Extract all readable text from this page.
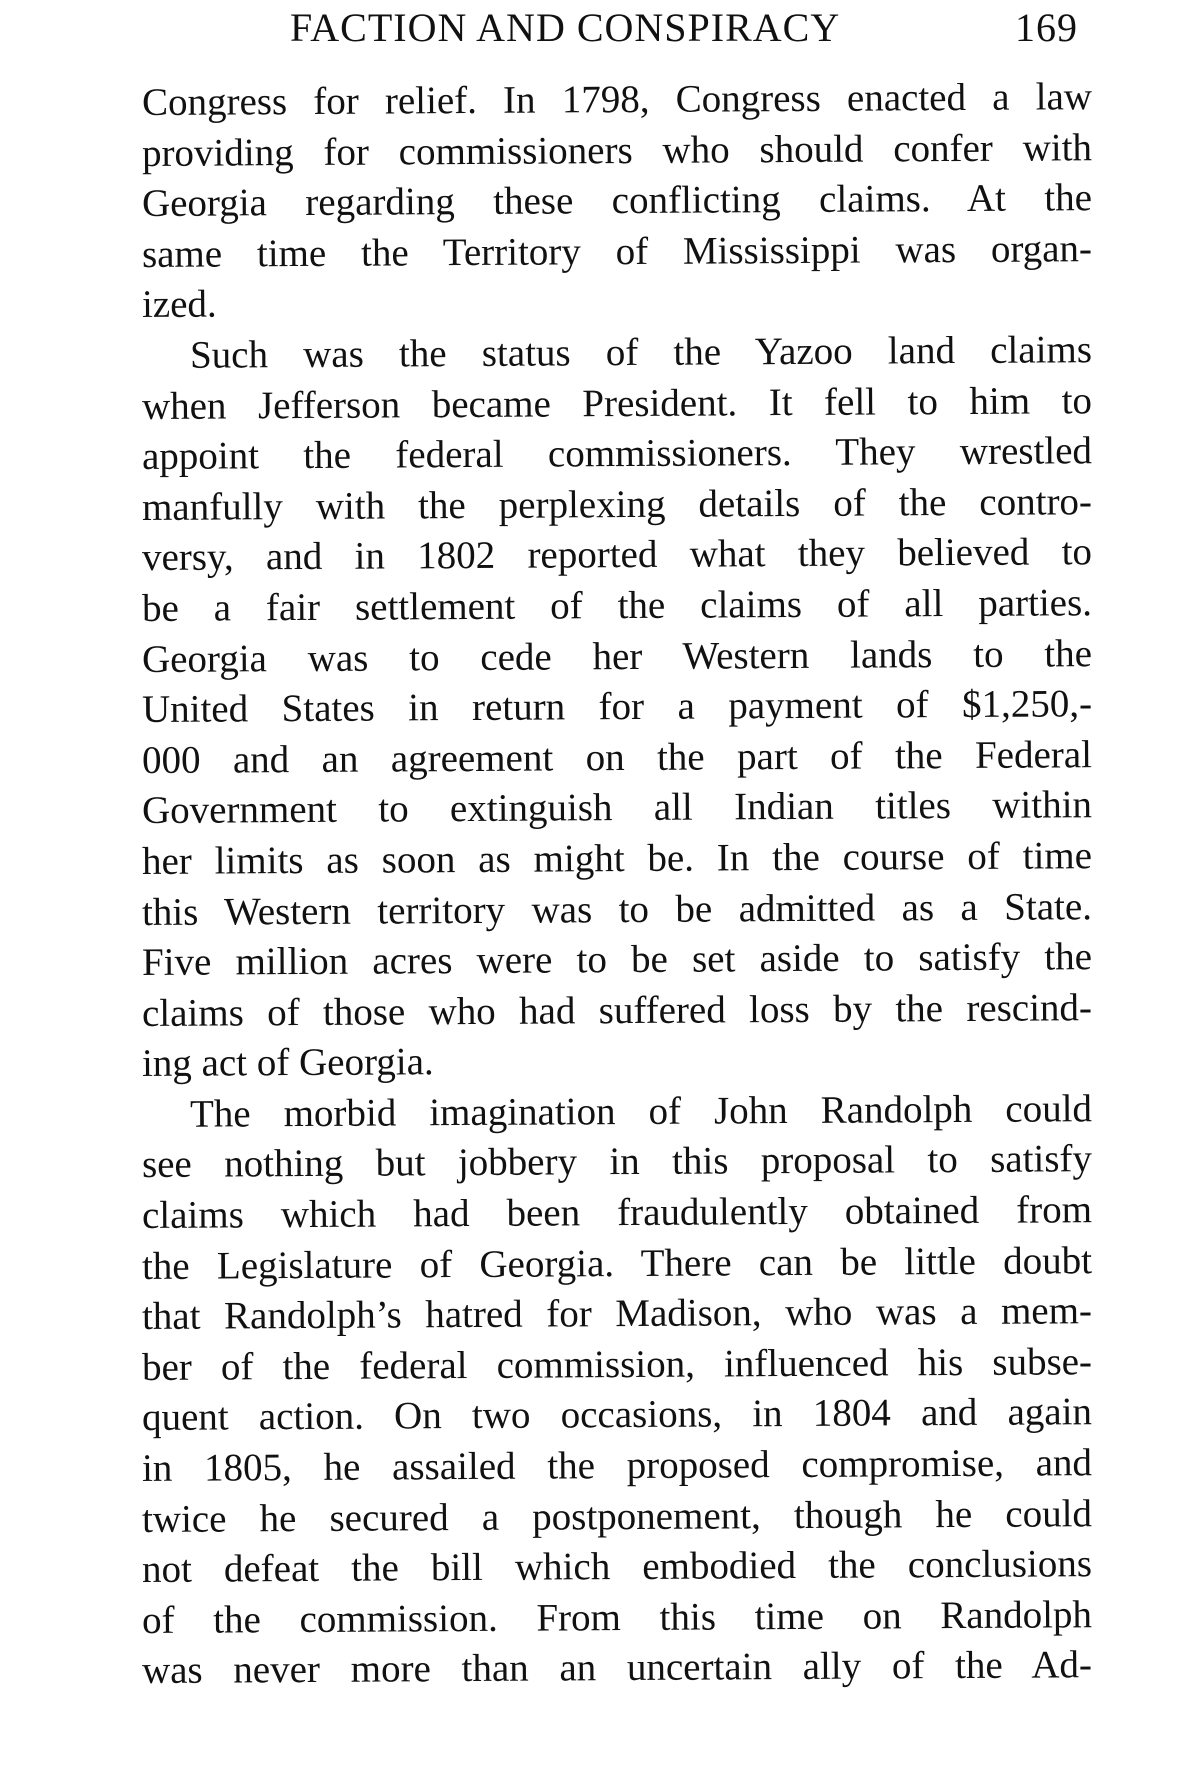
FACTION AND CONSPIRACY	169
Congress for relief. In 1798, Congress enacted a law
providing for commissioners who should confer with
Georgia regarding these conflicting claims. At the
same time the Territory of Mississippi was organ-
ized.
Such was the status of the Yazoo land claims
when Jefferson became President. It fell to him to
appoint the federal commissioners. They wrestled
manfully with the perplexing details of the contro-
versy, and in 1802 reported what they believed to
be a fair settlement of the claims of all parties.
Georgia was to cede her Western lands to the
United States in return for a payment of $1,250,-
000 and an agreement on the part of the Federal
Government to extinguish all Indian titles within
her limits as soon as might be. In the course of time
this Western territory was to be admitted as a State.
Five million acres were to be set aside to satisfy the
claims of those who had suffered loss by the rescind-
ing act of Georgia.
The morbid imagination of John Randolph could
see nothing but jobbery in this proposal to satisfy
claims which had been fraudulently obtained from
the Legislature of Georgia. There can be little doubt
that Randolph’s hatred for Madison, who was a mem-
ber of the federal commission, influenced his subse-
quent action. On two occasions, in 1804 and again
in 1805, he assailed the proposed compromise, and
twice he secured a postponement, though he could
not defeat the bill which embodied the conclusions
of the commission. From this time on Randolph
was never more than an uncertain ally of the Ad-
